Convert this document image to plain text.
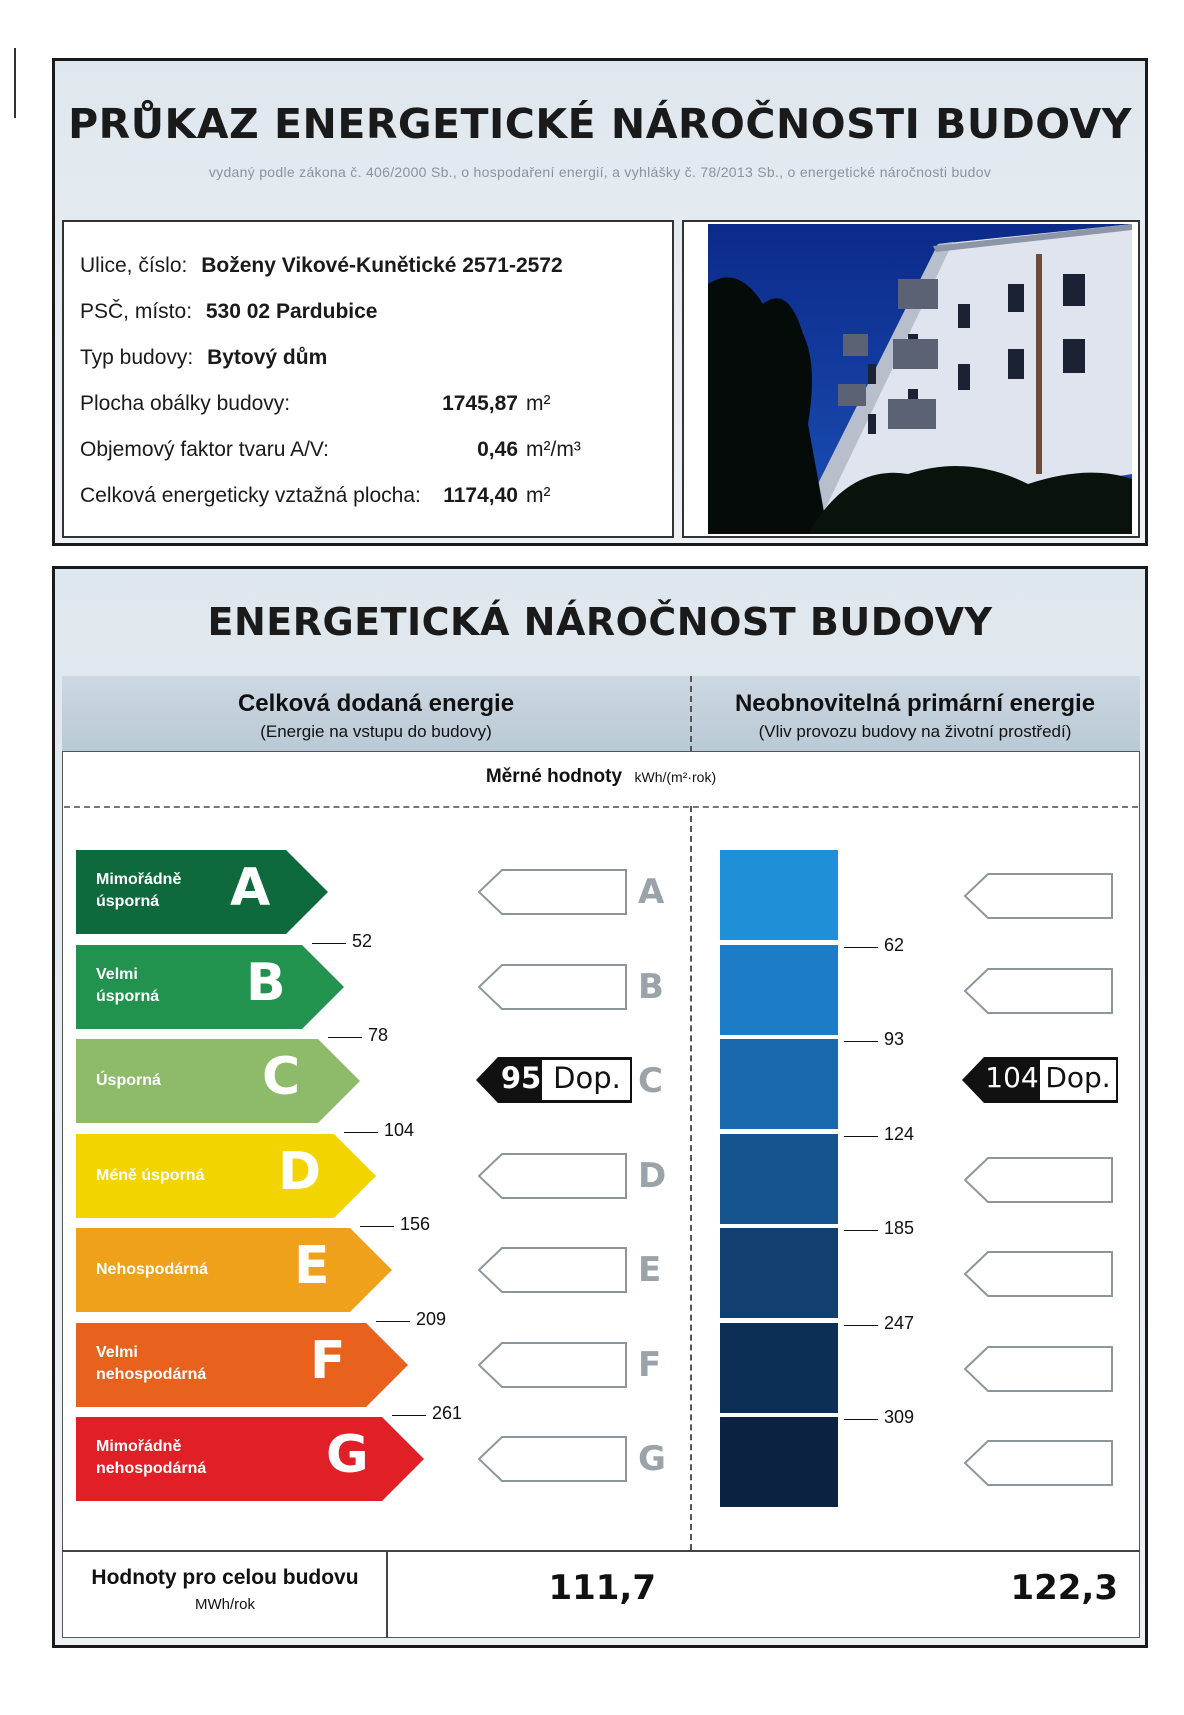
PRŮKAZ ENERGETICKÉ NÁROČNOSTI BUDOVY
vydaný podle zákona č. 406/2000 Sb., o hospodaření energií, a vyhlášky č. 78/2013 Sb., o energetické náročnosti budov
Ulice, číslo: Boženy Vikové-Kunětické 2571-2572
PSČ, místo: 530 02 Pardubice
Typ budovy: Bytový dům
Plocha obálky budovy:	1745,87 m²
Objemový faktor tvaru A/V:	0,46 m²/m³
Celková energeticky vztažná plocha:	1174,40 m²
ENERGETICKÁ NÁROČNOST BUDOVY
Celková dodaná energie
(Energie na vstupu do budovy)
Neobnovitelná primární energie
(Vliv provozu budovy na životní prostředí)
Měrné hodnoty kWh/(m²·rok)
Mimořádně
úsporná A
Velmi
úsporná B
Úsporná C
Méně úsporná D
Nehospodárná E
Velmi
nehospodárná F
Mimořádně
nehospodárná G
A
B
C
D
E
F
G
52
78
104
156
209
261
62
93
124
185
247
309
95 Dop.	104 Dop.
Hodnoty pro celou budovu
MWh/rok	111,7	122,3
